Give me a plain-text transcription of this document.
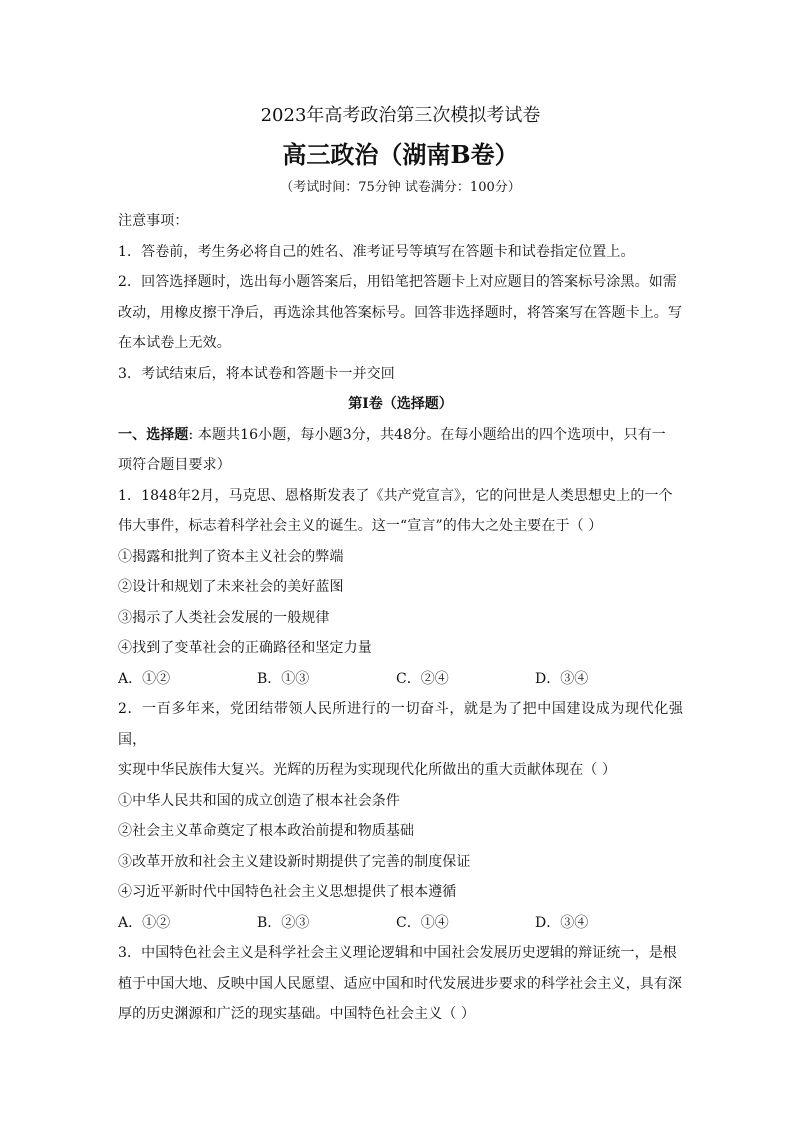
2023年高考政治第三次模拟考试卷
高三政治（湖南B卷）
（考试时间：75分钟 试卷满分：100分）

注意事项：

1．答卷前，考生务必将自己的姓名、准考证号等填写在答题卡和试卷指定位置上。

2．回答选择题时，选出每小题答案后，用铅笔把答题卡上对应题目的答案标号涂黑。如需

改动，用橡皮擦干净后，再选涂其他答案标号。回答非选择题时，将答案写在答题卡上。写

在本试卷上无效。

3．考试结束后，将本试卷和答题卡一并交回

第I卷（选择题）

一、选择题: 本题共16小题，每小题3分，共48分。在每小题给出的四个选项中，只有一

项符合题目要求）

1．1848年2月，马克思、恩格斯发表了《共产党宣言》，它的问世是人类思想史上的一个

伟大事件，标志着科学社会主义的诞生。这一“宣言”的伟大之处主要在于（ ）

①揭露和批判了资本主义社会的弊端

②设计和规划了未来社会的美好蓝图

③揭示了人类社会发展的一般规律

④找到了变革社会的正确路径和坚定力量

A．①②	B．①③	C．②④	D．③④

2．一百多年来，党团结带领人民所进行的一切奋斗，就是为了把中国建设成为现代化强国，

实现中华民族伟大复兴。光辉的历程为实现现代化所做出的重大贡献体现在（ ）

①中华人民共和国的成立创造了根本社会条件

②社会主义革命奠定了根本政治前提和物质基础

③改革开放和社会主义建设新时期提供了完善的制度保证

④习近平新时代中国特色社会主义思想提供了根本遵循

A．①②	B．②③	C．①④	D．③④

3．中国特色社会主义是科学社会主义理论逻辑和中国社会发展历史逻辑的辩证统一，是根

植于中国大地、反映中国人民愿望、适应中国和时代发展进步要求的科学社会主义，具有深

厚的历史渊源和广泛的现实基础。中国特色社会主义（ ）
